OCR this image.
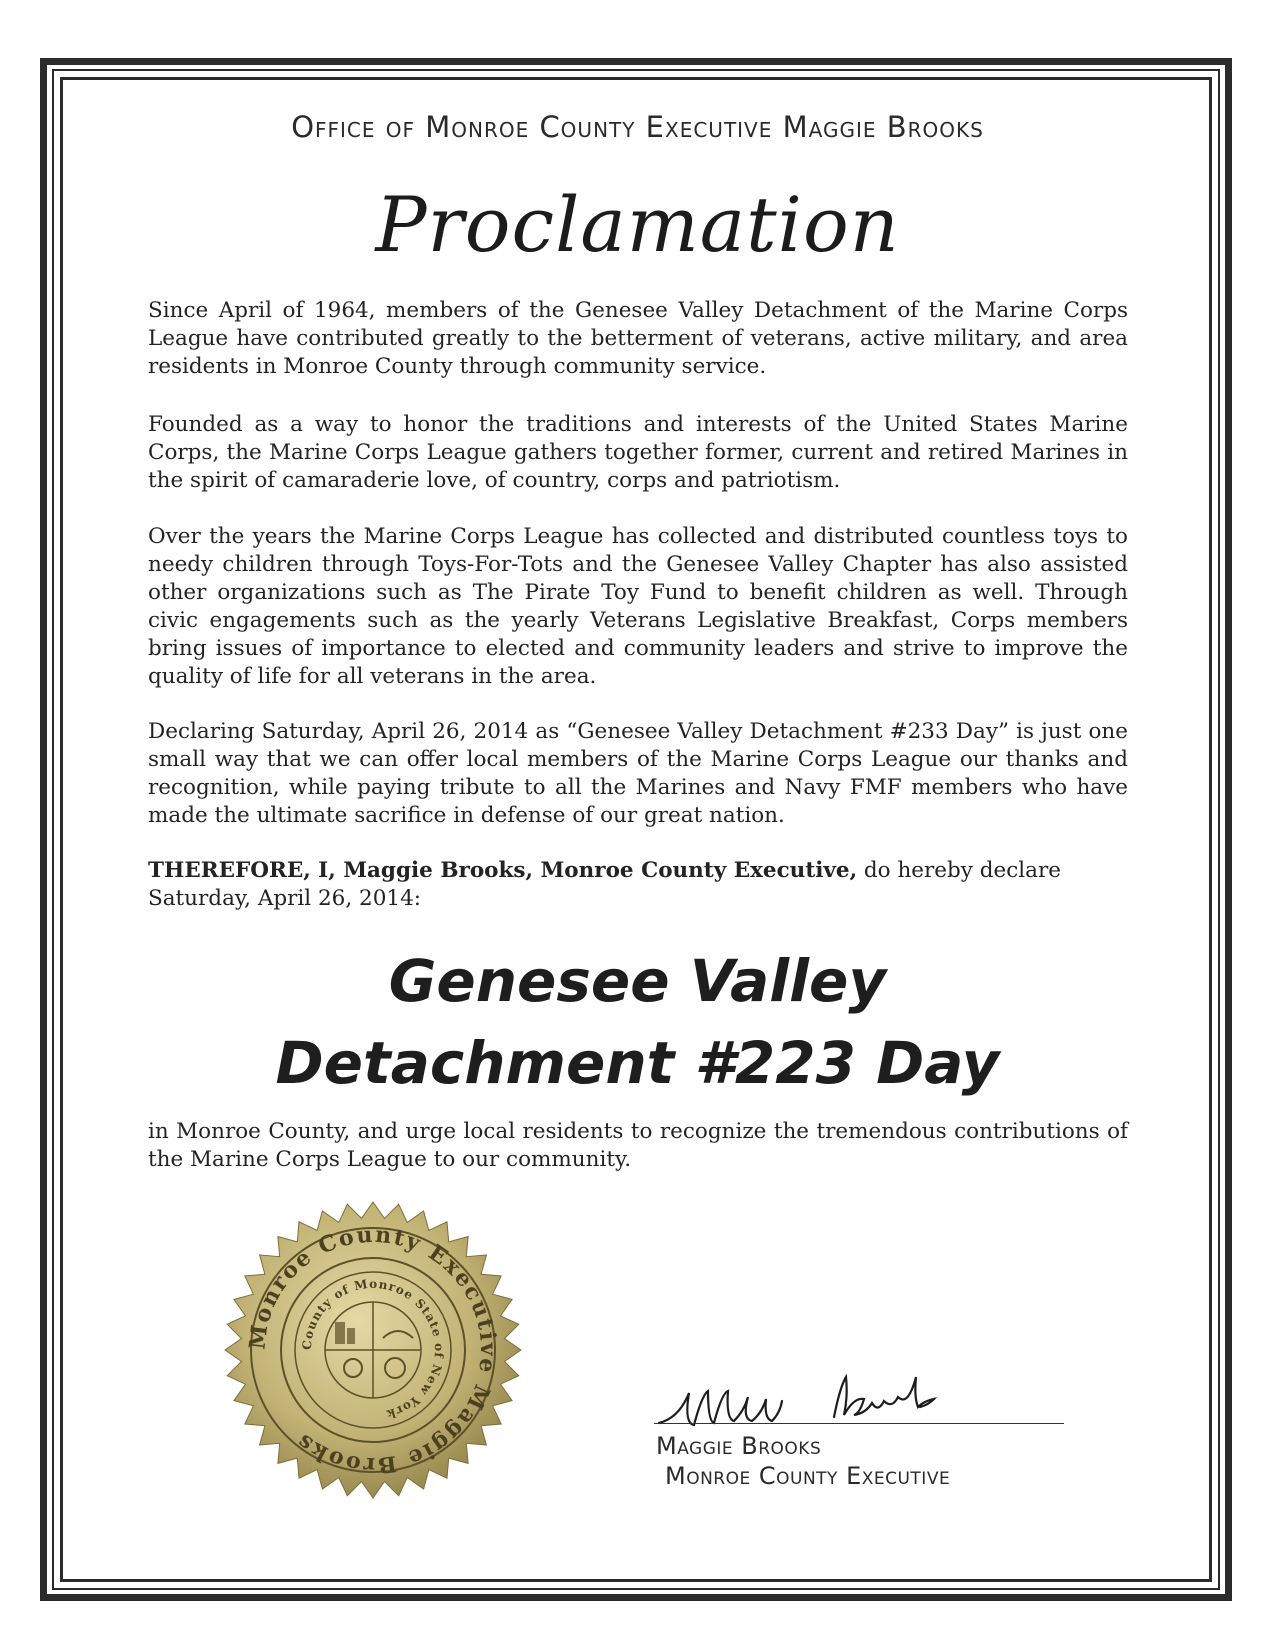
Office of Monroe County Executive Maggie Brooks
Proclamation

Since April of 1964, members of the Genesee Valley Detachment of the Marine Corps League have contributed greatly to the betterment of veterans, active military, and area residents in Monroe County through community service.

Founded as a way to honor the traditions and interests of the United States Marine Corps, the Marine Corps League gathers together former, current and retired Marines in the spirit of camaraderie love, of country, corps and patriotism.

Over the years the Marine Corps League has collected and distributed countless toys to needy children through Toys-For-Tots and the Genesee Valley Chapter has also assisted other organizations such as The Pirate Toy Fund to benefit children as well. Through civic engagements such as the yearly Veterans Legislative Breakfast, Corps members bring issues of importance to elected and community leaders and strive to improve the quality of life for all veterans in the area.

Declaring Saturday, April 26, 2014 as “Genesee Valley Detachment #233 Day” is just one small way that we can offer local members of the Marine Corps League our thanks and recognition, while paying tribute to all the Marines and Navy FMF members who have made the ultimate sacrifice in defense of our great nation.

THEREFORE, I, Maggie Brooks, Monroe County Executive, do hereby declare Saturday, April 26, 2014:

Genesee Valley
Detachment #223 Day

in Monroe County, and urge local residents to recognize the tremendous contributions of the Marine Corps League to our community.

Monroe County Executive Maggie Brooks
County of Monroe State of New York
Maggie Brooks
Monroe County Executive
